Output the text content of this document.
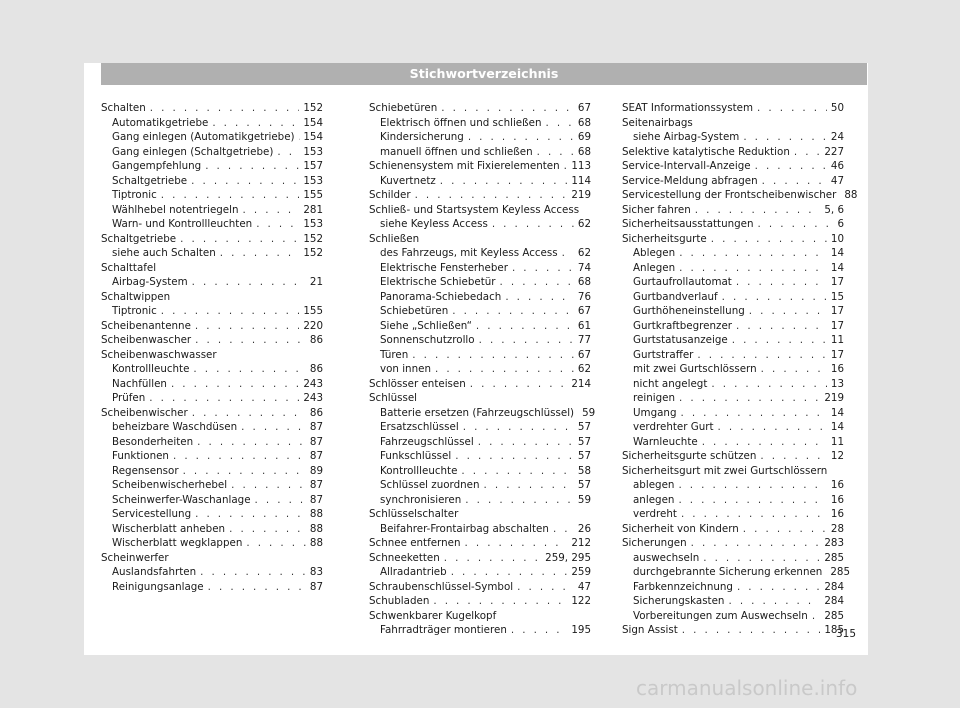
Stichwortverzeichnis
Schalten . . .	152
Automatikgetriebe . . .	154
Gang einlegen (Automatikgetriebe) . . . 154
Gang einlegen (Schaltgetriebe) . . .	153
Gangempfehlung . . .	157
Schaltgetriebe . . .	153
Tiptronic . . .	155
Wählhebel notentriegeln . . .	281
Warn- und Kontrollleuchten . . .	153
Schaltgetriebe . . .	152
siehe auch Schalten . . .	152
Schalttafel
Airbag-System . . .	21
Schaltwippen
Tiptronic . . .	155
Scheibenantenne . . .	220
Scheibenwascher . . .	86
Scheibenwaschwasser
Kontrollleuchte . . .	86
Nachfüllen . . .	243
Prüfen . . .	243
Scheibenwischer . . .	86
beheizbare Waschdüsen . . .	87
Besonderheiten . . .	87
Funktionen . . .	87
Regensensor . . .	89
Scheibenwischerhebel . . .	87
Scheinwerfer-Waschanlage . . .	87
Servicestellung . . .	88
Wischerblatt anheben . . .	88
Wischerblatt wegklappen . . .	88
Scheinwerfer
Auslandsfahrten . . .	83
Reinigungsanlage . . .	87
Schiebetüren . . .	67
Elektrisch öffnen und schließen . . .	68
Kindersicherung . . .	69
manuell öffnen und schließen . . .	68
Schienensystem mit Fixierelementen . . . 113
Kuvertnetz . . .	114
Schilder . . .	219
Schließ- und Startsystem Keyless Access
siehe Keyless Access . . .	62
Schließen
des Fahrzeugs, mit Keyless Access . . . 62
Elektrische Fensterheber . . .	74
Elektrische Schiebetür . . .	68
Panorama-Schiebedach . . .	76
Schiebetüren . . .	67
Siehe „Schließen“ . . .	61
Sonnenschutzrollo . . .	77
Türen . . .	67
von innen . . .	62
Schlösser enteisen . . .	214
Schlüssel
Batterie ersetzen (Fahrzeugschlüssel) 59
Ersatzschlüssel . . .	57
Fahrzeugschlüssel . . .	57
Funkschlüssel . . .	57
Kontrollleuchte . . .	58
Schlüssel zuordnen . . .	57
synchronisieren . . .	59
Schlüsselschalter
Beifahrer-Frontairbag abschalten . . .	26
Schnee entfernen . . .	212
Schneeketten . . .	259, 295
Allradantrieb . . .	259
Schraubenschlüssel-Symbol . . .	47
Schubladen . . .	122
Schwenkbarer Kugelkopf
Fahrradträger montieren . . .	195
SEAT Informationssystem . . .	50
Seitenairbags
siehe Airbag-System . . .	24
Selektive katalytische Reduktion . . .	227
Service-Intervall-Anzeige . . .	46
Service-Meldung abfragen . . .	47
Servicestellung der Frontscheibenwischer 88
Sicher fahren . . .	5, 6
Sicherheitsausstattungen . . .	6
Sicherheitsgurte . . .	10
Ablegen . . .	14
Anlegen . . .	14
Gurtaufrollautomat . . .	17
Gurtbandverlauf . . .	15
Gurthöheneinstellung . . .	17
Gurtkraftbegrenzer . . .	17
Gurtstatusanzeige . . .	11
Gurtstraffer . . .	17
mit zwei Gurtschlössern . . .	16
nicht angelegt . . .	13
reinigen . . .	219
Umgang . . .	14
verdrehter Gurt . . .	14
Warnleuchte . . .	11
Sicherheitsgurte schützen . . .	12
Sicherheitsgurt mit zwei Gurtschlössern
ablegen . . .	16
anlegen . . .	16
verdreht . . .	16
Sicherheit von Kindern . . .	28
Sicherungen . . .	283
auswechseln . . .	285
durchgebrannte Sicherung erkennen 285
Farbkennzeichnung . . .	284
Sicherungskasten . . .	284
Vorbereitungen zum Auswechseln . . . 285
Sign Assist . . .	185
315
carmanualsonline.info
